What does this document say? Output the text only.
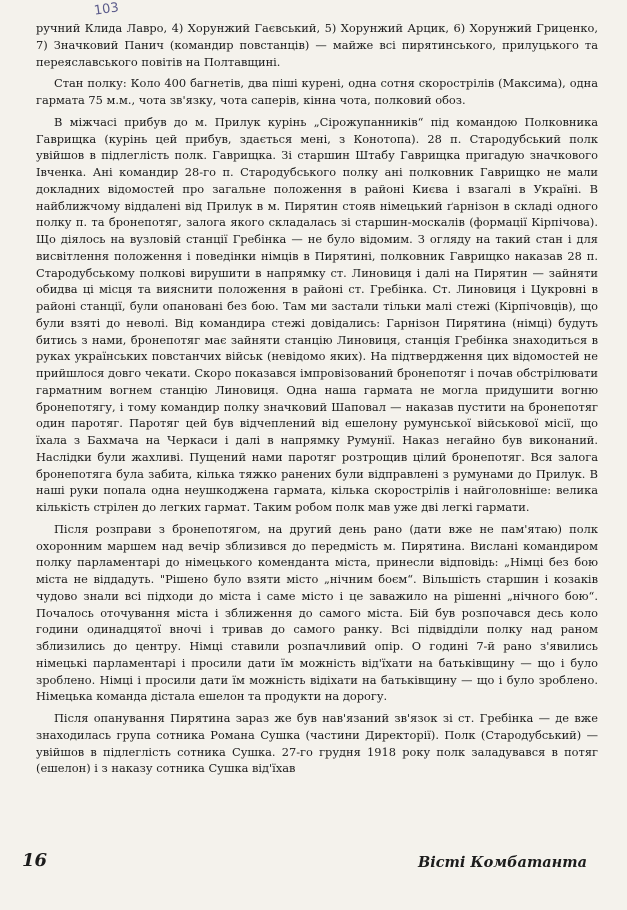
103

ручний Клида Лавро, 4) Хорунжий Гаєвський, 5) Хорунжий Арцик, 6) Хорунжий Гриценко, 7) Значковий Панич (командир повстанців) — майже всі пирятинського, прилуцького та переяславського повітів на Полтавщині.

Стан полку: Коло 400 багнетів, два піші курені, одна сотня скорострілів (Максима), одна гармата 75 м.м., чота зв'язку, чота саперів, кінна чота, полковий обоз.

В міжчасі прибув до м. Прилук курінь „Сірожупанників“ під командою Полковника Гаврищка (курінь цей прибув, здається мені, з Конотопа). 28 п. Стародубський полк увійшов в підлеглість полк. Гаврищка. Зі старшин Штабу Гаврищка пригадую значкового Івченка. Ані командир 28-го п. Стародубського полку ані полковник Гаврищко не мали докладних відомостей про загальне положення в районі Києва і взагалі в Україні. В найближчому віддалені від Прилук в м. Пирятин стояв німецький ґарнізон в складі одного полку п. та бронепотяг, залога якого складалась зі старшин-москалів (формації Кірпічова). Що діялось на вузловій станції Гребінка — не було відомим. З огляду на такий стан і для висвітлення положення і поведінки німців в Пирятині, полковник Гаврищко наказав 28 п. Стародубському полкові вирушити в напрямку ст. Линовиця і далі на Пирятин — зайняти обидва ці місця та вияснити положення в районі ст. Гребінка. Ст. Линовиця і Цукровні в районі станції, були опановані без бою. Там ми застали тільки малі стежі (Кірпічовців), що були взяті до неволі. Від командира стежі довідались: Гарнізон Пирятина (німці) будуть битись з нами, бронепотяг має зайняти станцію Линовиця, станція Гребінка знаходиться в руках українських повстанчих військ (невідомо яких). На підтвердження цих відомостей не прийшлося довго чекати. Скоро показався імпровізований бронепотяг і почав обстрілювати гарматним вогнем станцію Линовиця. Одна наша гармата не могла придушити вогню бронепотягу, і тому командир полку значковий Шаповал — наказав пустити на бронепотяг один паротяг. Паротяг цей був відчеплений від ешелону румунської військової місії, що їхала з Бахмача на Черкаси і далі в напрямку Румунії. Наказ негайно був виконаний. Наслідки були жахливі. Пущений нами паротяг розтрощив цілий бронепотяг. Вся залога бронепотяга була забита, кілька тяжко ранених були відправлені з румунами до Прилук. В наші руки попала одна неушкоджена гармата, кілька скорострілів і найголовніше: велика кількість стрілен до легких гармат. Таким робом полк мав уже дві легкі гармати.

Після розправи з бронепотягом, на другий день рано (дати вже не пам'ятаю) полк охоронним маршем над вечір зблизився до передмість м. Пирятина. Вислані командиром полку парламентарі до німецького коменданта міста, принесли відповідь: „Німці без бою міста не віддадуть. "Рішено було взяти місто „нічним боєм“. Вільшість старшин і козаків чудово знали всі підходи до міста і саме місто і це заважило на рішенні „нічного бою“. Почалось оточування міста і зближення до самого міста. Бій був розпочався десь коло години одинадцятої вночі і тривав до самого ранку. Всі підвідділи полку над раном зблизились до центру. Німці ставили розпачливий опір. О годині 7-й рано з'явились німецькі парламентарі і просили дати їм можність від'їхати на батьківщину — що і було зроблено. Німці і просили дати їм можність відіхати на батьківщину — що і було зроблено. Німецька команда дістала ешелон та продукти на дорогу.

Після опанування Пирятина зараз же був нав'язаний зв'язок зі ст. Гребінка — де вже знаходилась група сотника Романа Сушка (частини Директорії). Полк (Стародубський) — увійшов в підлеглість сотника Сушка. 27-го грудня 1918 року полк заладувався в потяг (ешелон) і з наказу сотника Сушка від'їхав

16	Вісті Комбатанта
